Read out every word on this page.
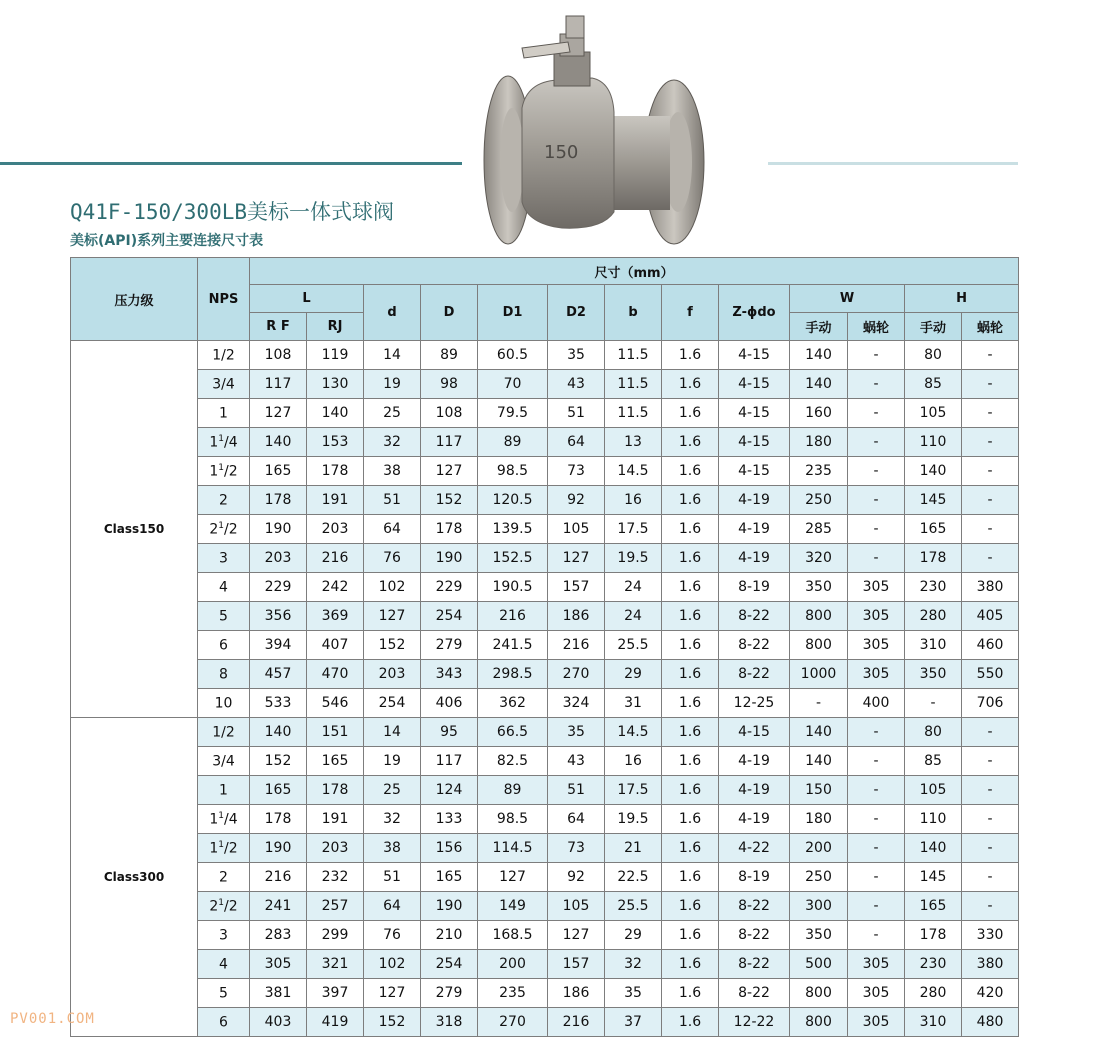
150
Q41F-150/300LB美标一体式球阀
美标(API)系列主要连接尺寸表
压力级	NPS	尺寸（mm）												
		L		d	D	D1	D2	b	f	Z-ϕdo	W		H	
		R F	RJ								手动	蜗轮	手动	蜗轮
Class150	1/2	108	119	14	89	60.5	35	11.5	1.6	4-15	140	-	80	-
	3/4	117	130	19	98	70	43	11.5	1.6	4-15	140	-	85	-
	1	127	140	25	108	79.5	51	11.5	1.6	4-15	160	-	105	-
	$1^1/4$	140	153	32	117	89	64	13	1.6	4-15	180	-	110	-
	$1^1/2$	165	178	38	127	98.5	73	14.5	1.6	4-15	235	-	140	-
	2	178	191	51	152	120.5	92	16	1.6	4-19	250	-	145	-
	$2^1/2$	190	203	64	178	139.5	105	17.5	1.6	4-19	285	-	165	-
	3	203	216	76	190	152.5	127	19.5	1.6	4-19	320	-	178	-
	4	229	242	102	229	190.5	157	24	1.6	8-19	350	305	230	380
	5	356	369	127	254	216	186	24	1.6	8-22	800	305	280	405
	6	394	407	152	279	241.5	216	25.5	1.6	8-22	800	305	310	460
	8	457	470	203	343	298.5	270	29	1.6	8-22	1000	305	350	550
	10	533	546	254	406	362	324	31	1.6	12-25	-	400	-	706
Class300	1/2	140	151	14	95	66.5	35	14.5	1.6	4-15	140	-	80	-
	3/4	152	165	19	117	82.5	43	16	1.6	4-19	140	-	85	-
	1	165	178	25	124	89	51	17.5	1.6	4-19	150	-	105	-
	$1^1/4$	178	191	32	133	98.5	64	19.5	1.6	4-19	180	-	110	-
	$1^1/2$	190	203	38	156	114.5	73	21	1.6	4-22	200	-	140	-
	2	216	232	51	165	127	92	22.5	1.6	8-19	250	-	145	-
	$2^1/2$	241	257	64	190	149	105	25.5	1.6	8-22	300	-	165	-
	3	283	299	76	210	168.5	127	29	1.6	8-22	350	-	178	330
	4	305	321	102	254	200	157	32	1.6	8-22	500	305	230	380
	5	381	397	127	279	235	186	35	1.6	8-22	800	305	280	420
	6	403	419	152	318	270	216	37	1.6	12-22	800	305	310	480
PV001.COM
